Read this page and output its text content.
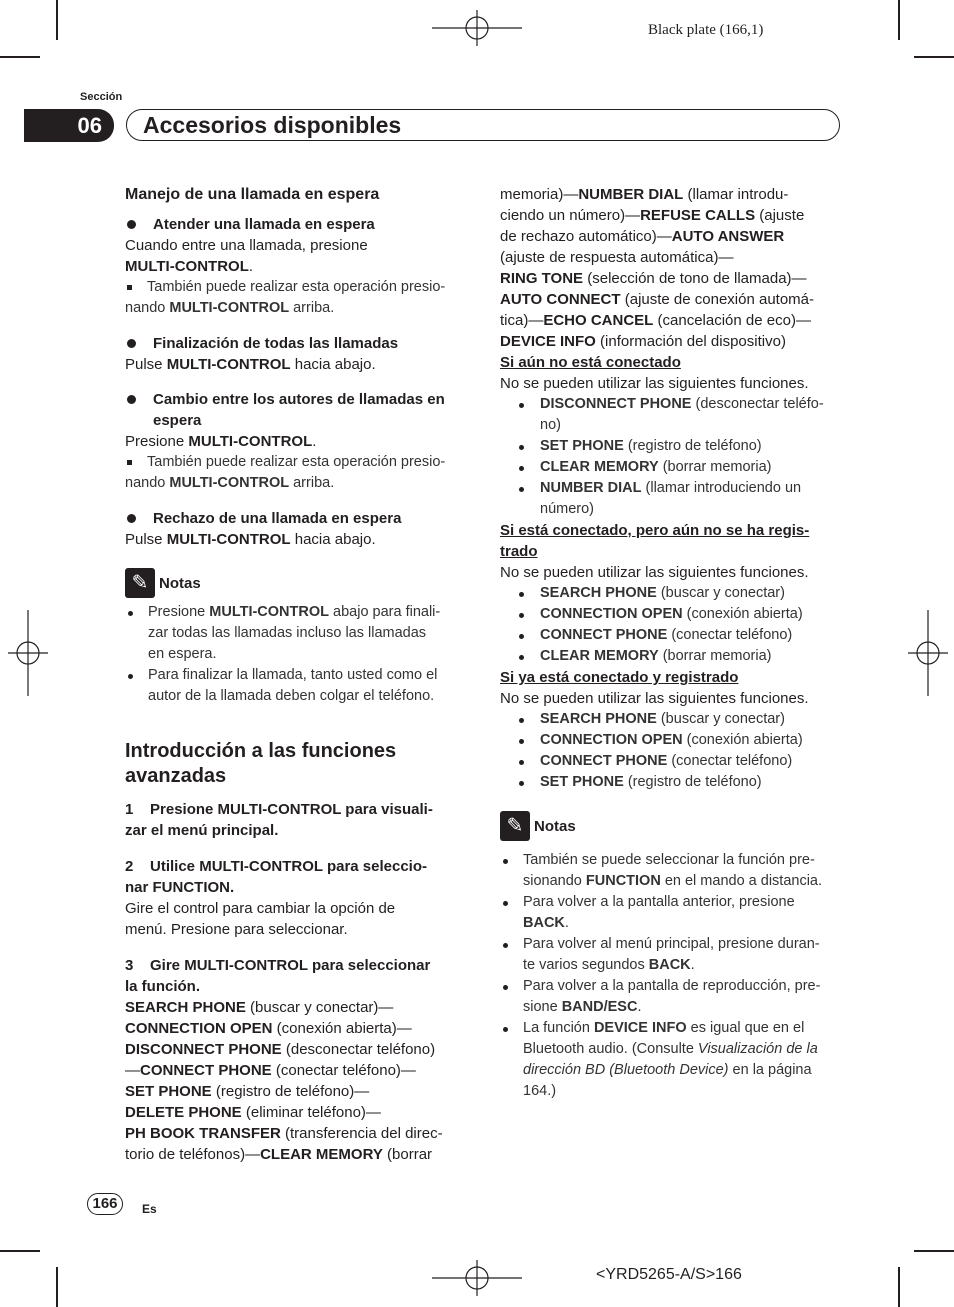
Black plate (166,1)
Sección
06	Accesorios disponibles

Manejo de una llamada en espera

Atender una llamada en espera

Cuando entre una llamada, presione

MULTI-CONTROL.

También puede realizar esta operación presio-

nando MULTI-CONTROL arriba.

Finalización de todas las llamadas

Pulse MULTI-CONTROL hacia abajo.

Cambio entre los autores de llamadas en espera

Presione MULTI-CONTROL.

También puede realizar esta operación presio-

nando MULTI-CONTROL arriba.

Rechazo de una llamada en espera

Pulse MULTI-CONTROL hacia abajo.

✎ Notas

Presione MULTI-CONTROL abajo para finali-

zar todas las llamadas incluso las llamadas

en espera.

Para finalizar la llamada, tanto usted como el

autor de la llamada deben colgar el teléfono.

Introducción a las funciones avanzadas

1    Presione MULTI-CONTROL para visuali-

zar el menú principal.

2    Utilice MULTI-CONTROL para seleccio-

nar FUNCTION.

Gire el control para cambiar la opción de

menú. Presione para seleccionar.

3    Gire MULTI-CONTROL para seleccionar

la función.

SEARCH PHONE (buscar y conectar)—

CONNECTION OPEN (conexión abierta)—

DISCONNECT PHONE (desconectar teléfono)

—CONNECT PHONE (conectar teléfono)—

SET PHONE (registro de teléfono)—

DELETE PHONE (eliminar teléfono)—

PH BOOK TRANSFER (transferencia del direc-

torio de teléfonos)—CLEAR MEMORY (borrar

memoria)—NUMBER DIAL (llamar introdu-

ciendo un número)—REFUSE CALLS (ajuste

de rechazo automático)—AUTO ANSWER

(ajuste de respuesta automática)—

RING TONE (selección de tono de llamada)—

AUTO CONNECT (ajuste de conexión automá-

tica)—ECHO CANCEL (cancelación de eco)—

DEVICE INFO (información del dispositivo)

Si aún no está conectado

No se pueden utilizar las siguientes funciones.

DISCONNECT PHONE (desconectar teléfo-

no)

SET PHONE (registro de teléfono)

CLEAR MEMORY (borrar memoria)

NUMBER DIAL (llamar introduciendo un

número)

Si está conectado, pero aún no se ha regis-

trado

No se pueden utilizar las siguientes funciones.

SEARCH PHONE (buscar y conectar)

CONNECTION OPEN (conexión abierta)

CONNECT PHONE (conectar teléfono)

CLEAR MEMORY (borrar memoria)

Si ya está conectado y registrado

No se pueden utilizar las siguientes funciones.

SEARCH PHONE (buscar y conectar)

CONNECTION OPEN (conexión abierta)

CONNECT PHONE (conectar teléfono)

SET PHONE (registro de teléfono)

✎ Notas

También se puede seleccionar la función pre-

sionando FUNCTION en el mando a distancia.

Para volver a la pantalla anterior, presione

BACK.

Para volver al menú principal, presione duran-

te varios segundos BACK.

Para volver a la pantalla de reproducción, pre-

sione BAND/ESC.

La función DEVICE INFO es igual que en el

Bluetooth audio. (Consulte Visualización de la

dirección BD (Bluetooth Device) en la página

164.)

166	Es
<YRD5265-A/S>166
